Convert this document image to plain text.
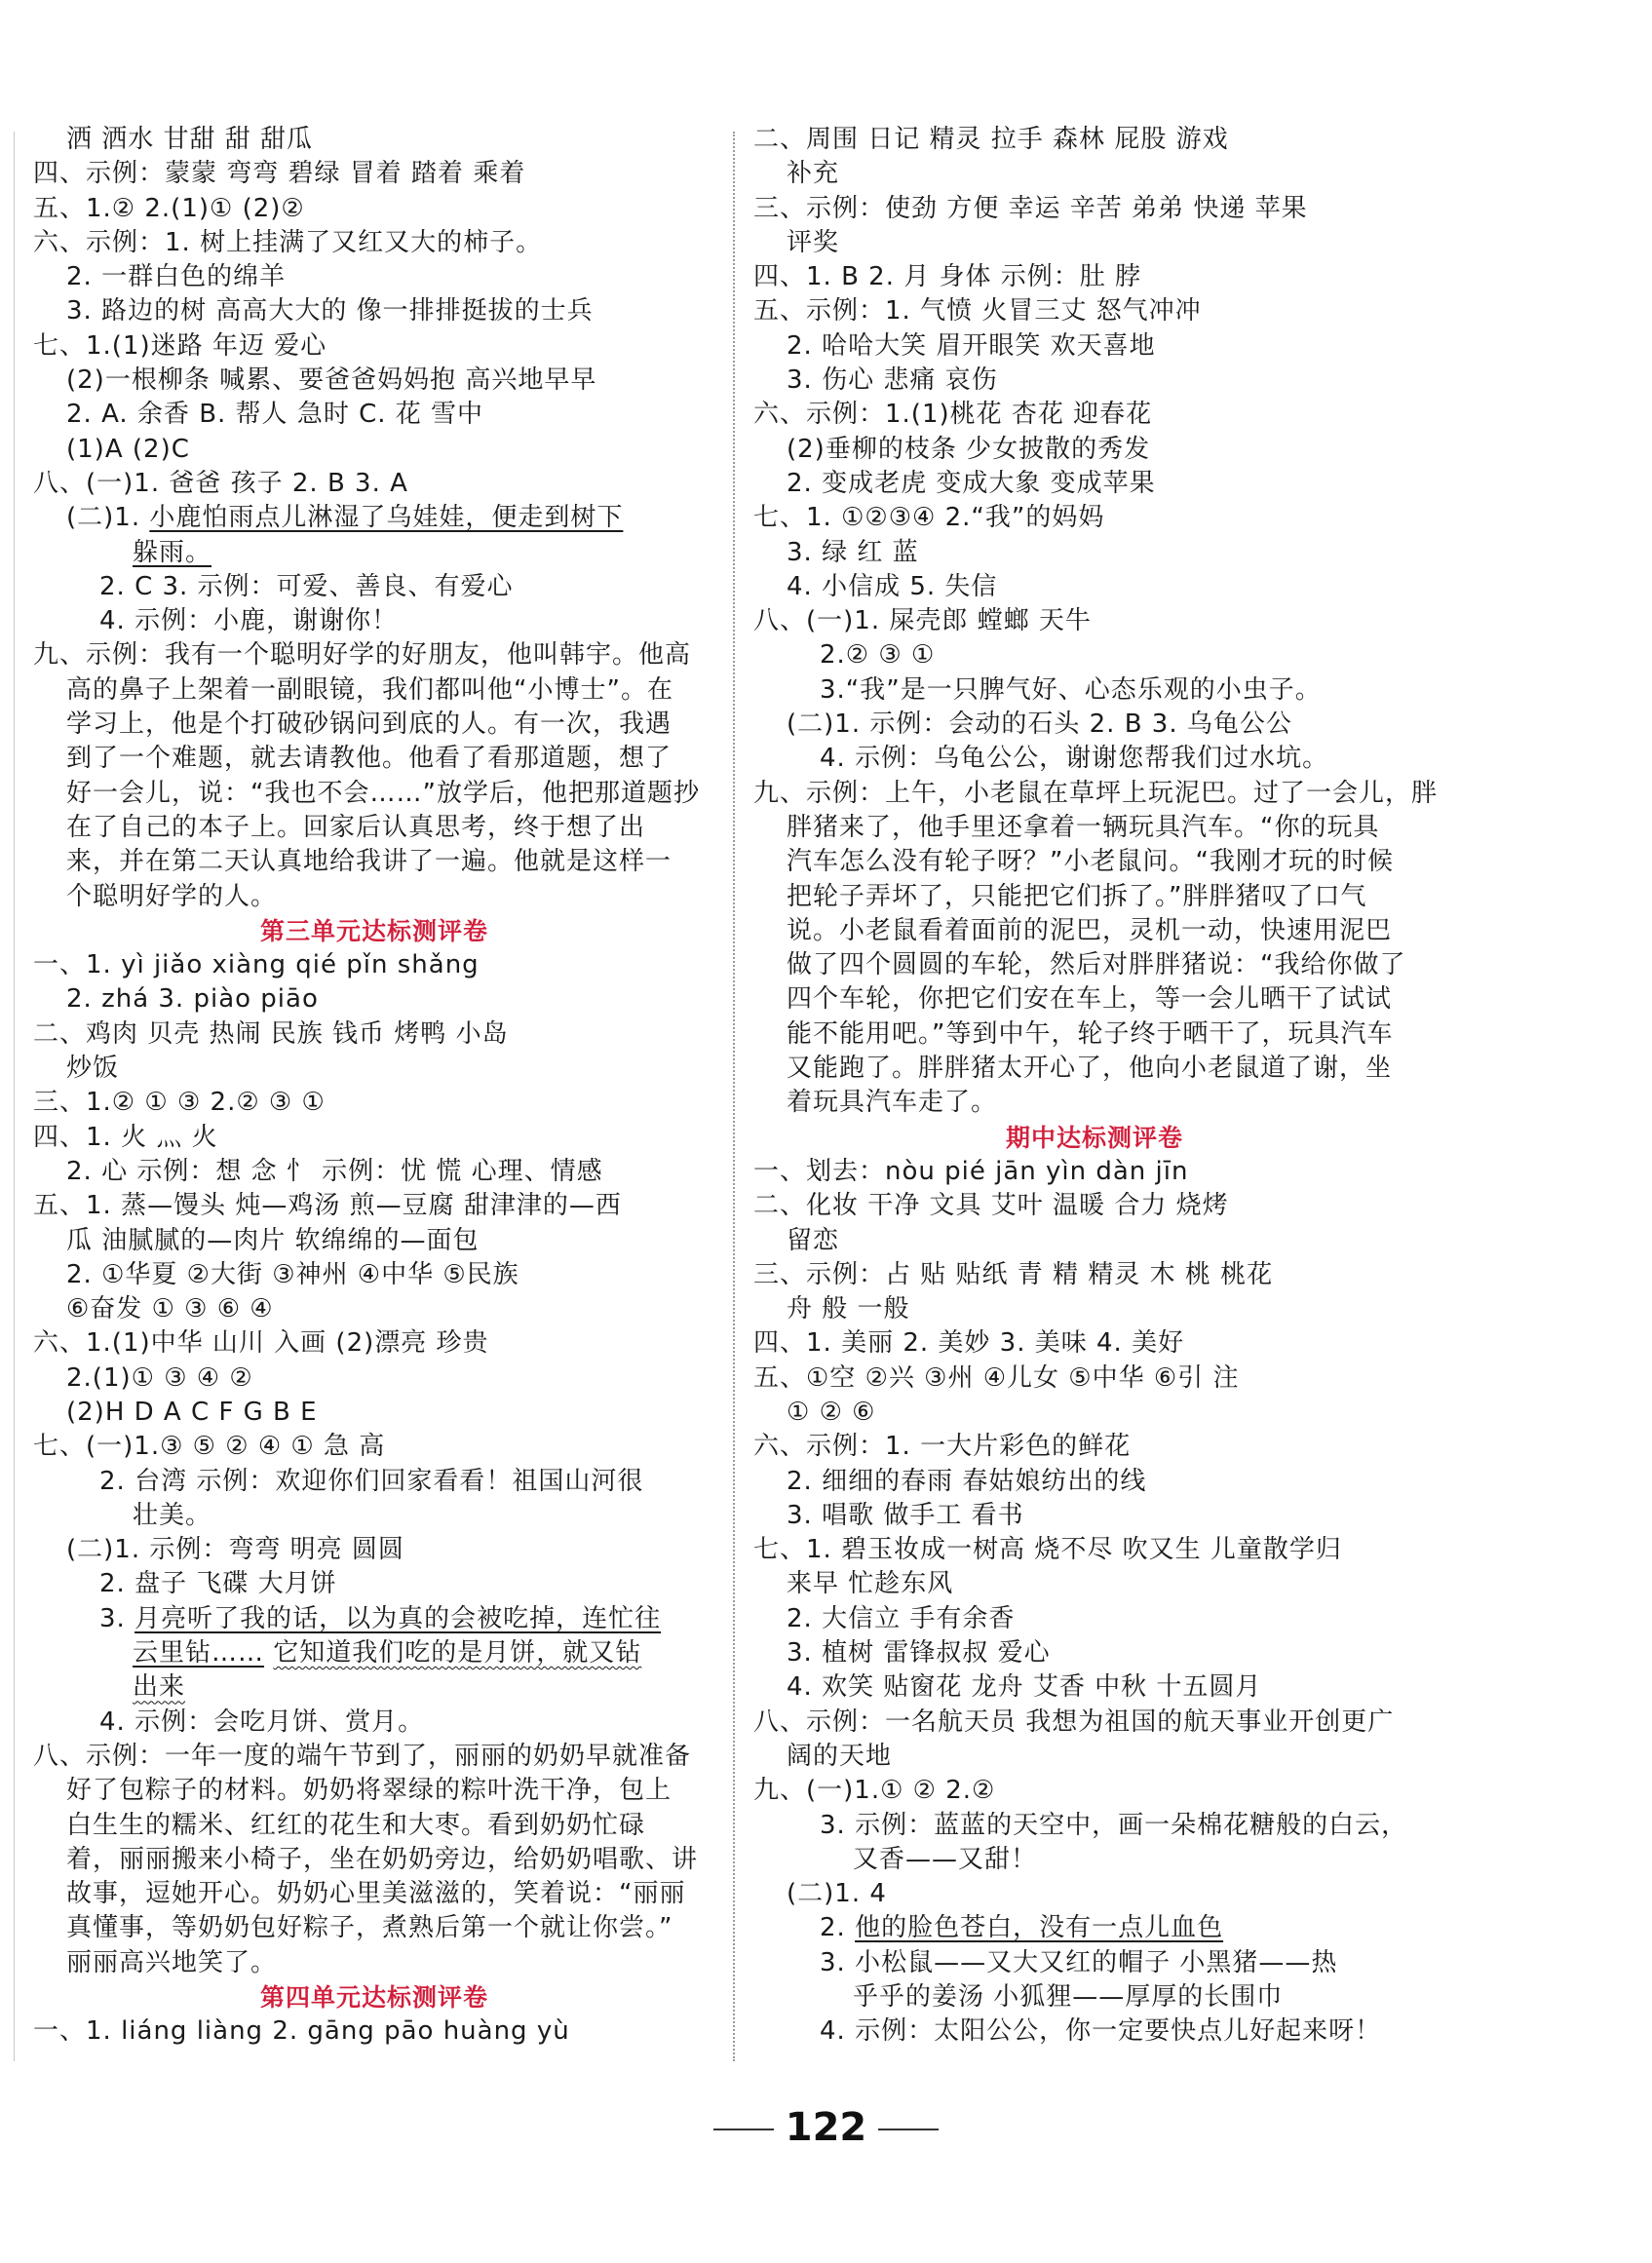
洒 洒水 甘甜 甜 甜瓜
四、示例：蒙蒙 弯弯 碧绿 冒着 踏着 乘着
五、1.② 2.(1)① (2)②
六、示例：1. 树上挂满了又红又大的柿子。
2. 一群白色的绵羊
3. 路边的树 高高大大的 像一排排挺拔的士兵
七、1.(1)迷路 年迈 爱心
(2)一根柳条 喊累、要爸爸妈妈抱 高兴地早早
2. A. 余香 B. 帮人 急时 C. 花 雪中
(1)A (2)C
八、(一)1. 爸爸 孩子 2. B 3. A
(二)1. 小鹿怕雨点儿淋湿了乌娃娃，便走到树下
躲雨。
2. C 3. 示例：可爱、善良、有爱心
4. 示例：小鹿，谢谢你！
九、示例：我有一个聪明好学的好朋友，他叫韩宇。他高
高的鼻子上架着一副眼镜，我们都叫他“小博士”。在
学习上，他是个打破砂锅问到底的人。有一次，我遇
到了一个难题，就去请教他。他看了看那道题，想了
好一会儿，说：“我也不会……”放学后，他把那道题抄
在了自己的本子上。回家后认真思考，终于想了出
来，并在第二天认真地给我讲了一遍。他就是这样一
个聪明好学的人。
第三单元达标测评卷
一、1. yì jiǎo xiàng qié pǐn shǎng
2. zhá 3. piào piāo
二、鸡肉 贝壳 热闹 民族 钱币 烤鸭 小岛
炒饭
三、1.② ① ③ 2.② ③ ①
四、1. 火 灬 火
2. 心 示例：想 念 忄 示例：忧 慌 心理、情感
五、1. 蒸—馒头 炖—鸡汤 煎—豆腐 甜津津的—西
瓜 油腻腻的—肉片 软绵绵的—面包
2. ①华夏 ②大街 ③神州 ④中华 ⑤民族
⑥奋发 ① ③ ⑥ ④
六、1.(1)中华 山川 入画 (2)漂亮 珍贵
2.(1)① ③ ④ ②
(2)H D A C F G B E
七、(一)1.③ ⑤ ② ④ ① 急 高
2. 台湾 示例：欢迎你们回家看看！祖国山河很
壮美。
(二)1. 示例：弯弯 明亮 圆圆
2. 盘子 飞碟 大月饼
3. 月亮听了我的话，以为真的会被吃掉，连忙往
云里钻…… 它知道我们吃的是月饼，就又钻
出来
4. 示例：会吃月饼、赏月。
八、示例：一年一度的端午节到了，丽丽的奶奶早就准备
好了包粽子的材料。奶奶将翠绿的粽叶洗干净，包上
白生生的糯米、红红的花生和大枣。看到奶奶忙碌
着，丽丽搬来小椅子，坐在奶奶旁边，给奶奶唱歌、讲
故事，逗她开心。奶奶心里美滋滋的，笑着说：“丽丽
真懂事，等奶奶包好粽子，煮熟后第一个就让你尝。”
丽丽高兴地笑了。
第四单元达标测评卷
一、1. liáng liàng 2. gāng pāo huàng yù
二、周围 日记 精灵 拉手 森林 屁股 游戏
补充
三、示例：使劲 方便 幸运 辛苦 弟弟 快递 苹果
评奖
四、1. B 2. 月 身体 示例：肚 脖
五、示例：1. 气愤 火冒三丈 怒气冲冲
2. 哈哈大笑 眉开眼笑 欢天喜地
3. 伤心 悲痛 哀伤
六、示例：1.(1)桃花 杏花 迎春花
(2)垂柳的枝条 少女披散的秀发
2. 变成老虎 变成大象 变成苹果
七、1. ①②③④ 2.“我”的妈妈
3. 绿 红 蓝
4. 小信成 5. 失信
八、(一)1. 屎壳郎 螳螂 天牛
2.② ③ ①
3.“我”是一只脾气好、心态乐观的小虫子。
(二)1. 示例：会动的石头 2. B 3. 乌龟公公
4. 示例：乌龟公公，谢谢您帮我们过水坑。
九、示例：上午，小老鼠在草坪上玩泥巴。过了一会儿，胖
胖猪来了，他手里还拿着一辆玩具汽车。“你的玩具
汽车怎么没有轮子呀？”小老鼠问。“我刚才玩的时候
把轮子弄坏了，只能把它们拆了。”胖胖猪叹了口气
说。小老鼠看着面前的泥巴，灵机一动，快速用泥巴
做了四个圆圆的车轮，然后对胖胖猪说：“我给你做了
四个车轮，你把它们安在车上，等一会儿晒干了试试
能不能用吧。”等到中午，轮子终于晒干了，玩具汽车
又能跑了。胖胖猪太开心了，他向小老鼠道了谢，坐
着玩具汽车走了。
期中达标测评卷
一、划去：nòu pié jān yìn dàn jīn
二、化妆 干净 文具 艾叶 温暖 合力 烧烤
留恋
三、示例：占 贴 贴纸 青 精 精灵 木 桃 桃花
舟 般 一般
四、1. 美丽 2. 美妙 3. 美味 4. 美好
五、①空 ②兴 ③州 ④儿女 ⑤中华 ⑥引 注
① ② ⑥
六、示例：1. 一大片彩色的鲜花
2. 细细的春雨 春姑娘纺出的线
3. 唱歌 做手工 看书
七、1. 碧玉妆成一树高 烧不尽 吹又生 儿童散学归
来早 忙趁东风
2. 大信立 手有余香
3. 植树 雷锋叔叔 爱心
4. 欢笑 贴窗花 龙舟 艾香 中秋 十五圆月
八、示例：一名航天员 我想为祖国的航天事业开创更广
阔的天地
九、(一)1.① ② 2.②
3. 示例：蓝蓝的天空中，画一朵棉花糖般的白云，
又香——又甜！
(二)1. 4
2. 他的脸色苍白，没有一点儿血色
3. 小松鼠——又大又红的帽子 小黑猪——热
乎乎的姜汤 小狐狸——厚厚的长围巾
4. 示例：太阳公公，你一定要快点儿好起来呀！
122
